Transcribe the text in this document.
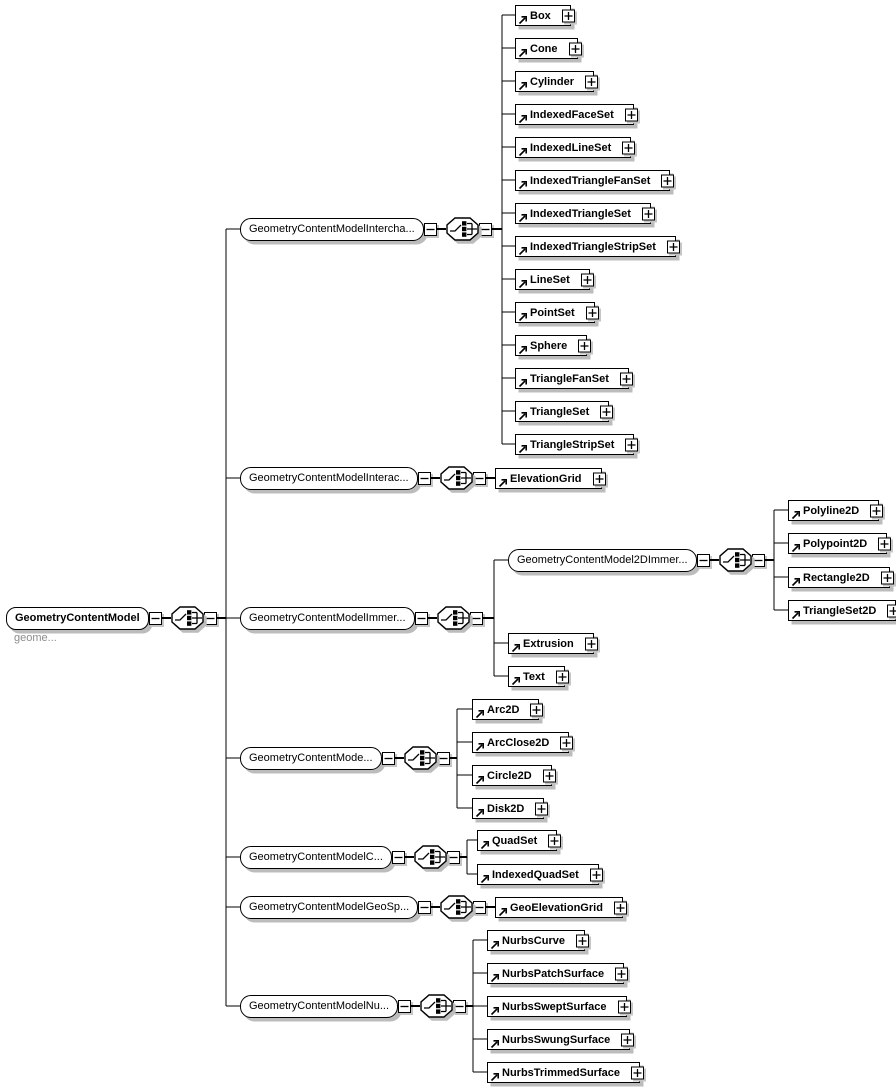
GeometryContentModel
geome...
GeometryContentModelIntercha...
GeometryContentModelInterac...
GeometryContentModelImmer...
GeometryContentModel2DImmer...
GeometryContentMode...
GeometryContentModelC...
GeometryContentModelGeoSp...
GeometryContentModelNu...
Box
Cone
Cylinder
IndexedFaceSet
IndexedLineSet
IndexedTriangleFanSet
IndexedTriangleSet
IndexedTriangleStripSet
LineSet
PointSet
Sphere
TriangleFanSet
TriangleSet
TriangleStripSet
ElevationGrid
Extrusion
Text
Polyline2D
Polypoint2D
Rectangle2D
TriangleSet2D
Arc2D
ArcClose2D
Circle2D
Disk2D
QuadSet
IndexedQuadSet
GeoElevationGrid
NurbsCurve
NurbsPatchSurface
NurbsSweptSurface
NurbsSwungSurface
NurbsTrimmedSurface
